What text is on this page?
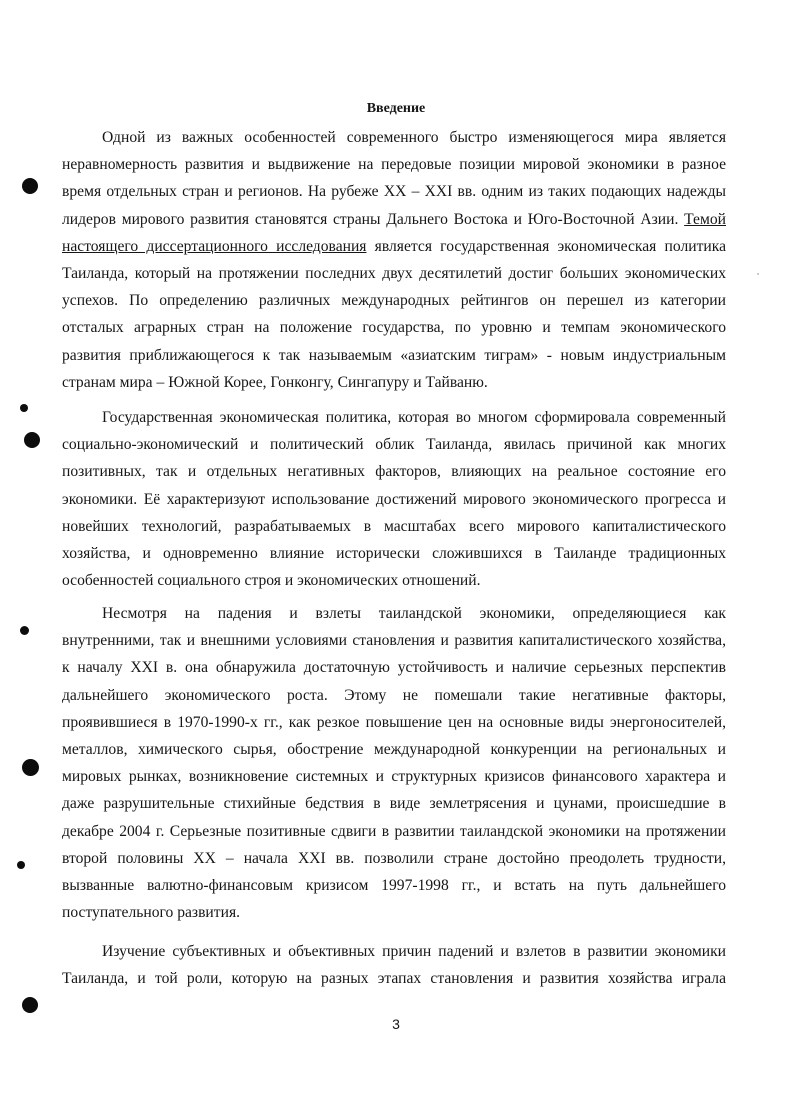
Введение
Одной из важных особенностей современного быстро изменяющегося мира является
неравномерность развития и выдвижение на передовые позиции мировой экономики в разное
время отдельных стран и регионов. На рубеже XX – XXI вв. одним из таких подающих надежды
лидеров мирового развития становятся страны Дальнего Востока и Юго-Восточной Азии. Темой
настоящего диссертационного исследования является государственная экономическая политика
Таиланда, который на протяжении последних двух десятилетий достиг больших экономических
успехов. По определению различных международных рейтингов он перешел из категории
отсталых аграрных стран на положение государства, по уровню и темпам экономического
развития приближающегося к так называемым «азиатским тиграм» - новым индустриальным
странам мира – Южной Корее, Гонконгу, Сингапуру и Тайваню.
Государственная экономическая политика, которая во многом сформировала современный
социально-экономический и политический облик Таиланда, явилась причиной как многих
позитивных, так и отдельных негативных факторов, влияющих на реальное состояние его
экономики. Её характеризуют использование достижений мирового экономического прогресса и
новейших технологий, разрабатываемых в масштабах всего мирового капиталистического
хозяйства, и одновременно влияние исторически сложившихся в Таиланде традиционных
особенностей социального строя и экономических отношений.
Несмотря на падения и взлеты таиландской экономики, определяющиеся как
внутренними, так и внешними условиями становления и развития капиталистического хозяйства,
к началу XXI в. она обнаружила достаточную устойчивость и наличие серьезных перспектив
дальнейшего экономического роста. Этому не помешали такие негативные факторы,
проявившиеся в 1970-1990-х гг., как резкое повышение цен на основные виды энергоносителей,
металлов, химического сырья, обострение международной конкуренции на региональных и
мировых рынках, возникновение системных и структурных кризисов финансового характера и
даже разрушительные стихийные бедствия в виде землетрясения и цунами, происшедшие в
декабре 2004 г. Серьезные позитивные сдвиги в развитии таиландской экономики на протяжении
второй половины XX – начала XXI вв. позволили стране достойно преодолеть трудности,
вызванные валютно-финансовым кризисом 1997-1998 гг., и встать на путь дальнейшего
поступательного развития.
Изучение субъективных и объективных причин падений и взлетов в развитии экономики
Таиланда, и той роли, которую на разных этапах становления и развития хозяйства играла
3
